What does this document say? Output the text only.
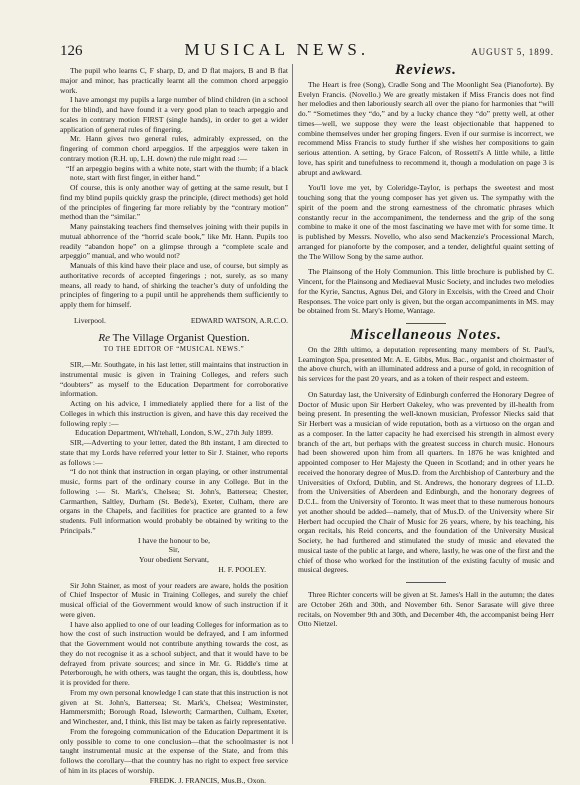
126	MUSICAL NEWS.	AUGUST 5, 1899.

The pupil who learns C, F sharp, D, and D flat majors, B and B flat major and minor, has practically learnt all the common chord arpeggio work.

I have amongst my pupils a large number of blind children (in a school for the blind), and have found it a very good plan to teach arpeggio and scales in contrary motion FIRST (single hands), in order to get a wider application of general rules of fingering.

Mr. Hann gives two general rules, admirably expressed, on the fingering of common chord arpeggios. If the arpeggios were taken in contrary motion (R.H. up, L.H. down) the rule might read :—

“If an arpeggio begins with a white note, start with the thumb; if a black note, start with first finger, in either hand.”

Of course, this is only another way of getting at the same result, but I find my blind pupils quickly grasp the principle, (direct methods) get hold of the principles of fingering far more reliably by the “contrary motion” method than the “similar.”

Many painstaking teachers find themselves joining with their pupils in mutual abhorrence of the “horrid scale book,” like Mr. Hann. Pupils too readily “abandon hope” on a glimpse through a “complete scale and arpeggio” manual, and who would not?

Manuals of this kind have their place and use, of course, but simply as authoritative records of accepted fingerings ; not, surely, as so many means, all ready to hand, of shirking the teacher’s duty of unfolding the principles of fingering to a pupil until he apprehends them sufficiently to apply them for himself.

Liverpool.	EDWARD WATSON, A.R.C.O.
Re The Village Organist Question.
TO THE EDITOR OF “MUSICAL NEWS.”

SIR,—Mr. Southgate, in his last letter, still maintains that instruction in instrumental music is given in Training Colleges, and refers such “doubters” as myself to the Education Department for corroborative information.

Acting on his advice, I immediately applied there for a list of the Colleges in which this instruction is given, and have this day received the following reply :—

Education Department, Wh'tehall, London, S.W., 27th July 1899.

SIR,—Adverting to your letter, dated the 8th instant, I am directed to state that my Lords have referred your letter to Sir J. Stainer, who reports as follows :—

“I do not think that instruction in organ playing, or other instrumental music, forms part of the ordinary course in any College. But in the following :— St. Mark's, Chelsea; St. John's, Battersea; Chester, Carmarthen, Saltley, Durham (St. Bede's), Exeter, Culham, there are organs in the Chapels, and facilities for practice are granted to a few students. Full information would probably be obtained by writing to the Principals.”

I have the honour to be,

Sir,

Your obedient Servant,

H. F. POOLEY.

Sir John Stainer, as most of your readers are aware, holds the position of Chief Inspector of Music in Training Colleges, and surely the chief musical official of the Government would know of such instruction if it were given.

I have also applied to one of our leading Colleges for information as to how the cost of such instruction would be defrayed, and I am informed that the Government would not contribute anything towards the cost, as they do not recognise it as a school subject, and that it would have to be defrayed from private sources; and since in Mr. G. Riddle's time at Peterborough, he with others, was taught the organ, this is, doubtless, how it is provided for there.

From my own personal knowledge I can state that this instruction is not given at St. John's, Battersea; St. Mark's, Chelsea; Westminster, Hammersmith; Borough Road, Isleworth; Carmarthen, Culham, Exeter, and Winchester, and, I think, this list may be taken as fairly representative.

From the foregoing communication of the Education Department it is only possible to come to one conclusion—that the schoolmaster is not taught instrumental music at the expense of the State, and from this follows the corollary—that the country has no right to expect free service of him in its places of worship.

FREDK. J. FRANCIS, Mus.B., Oxon.

Reviews.

The Heart is free (Song), Cradle Song and The Moonlight Sea (Pianoforte). By Evelyn Francis. (Novello.) We are greatly mistaken if Miss Francis does not find her melodies and then laboriously search all over the piano for harmonies that “will do.” “Sometimes they “do,” and by a lucky chance they “do” pretty well, at other times—well, we suppose they were the least objectionable that happened to combine themselves under her groping fingers. Even if our surmise is incorrect, we recommend Miss Francis to study further if she wishes her compositions to gain serious attention. A setting, by Grace Falcon, of Rossetti's A little while, a little love, has spirit and tunefulness to recommend it, though a modulation on page 3 is abrupt and awkward.

You'll love me yet, by Coleridge-Taylor, is perhaps the sweetest and most touching song that the young composer has yet given us. The sympathy with the spirit of the poem and the strong earnestness of the chromatic phrases which constantly recur in the accompaniment, the tenderness and the grip of the song combine to make it one of the most fascinating we have met with for some time. It is published by Messrs. Novello, who also send Mackenzie's Processional March, arranged for pianoforte by the composer, and a tender, delightful quaint setting of the The Willow Song by the same author.

The Plainsong of the Holy Communion. This little brochure is published by C. Vincent, for the Plainsong and Mediaeval Music Society, and includes two melodies for the Kyrie, Sanctus, Agnus Dei, and Glory in Excelsis, with the Creed and Choir Responses. The voice part only is given, but the organ accompaniments in MS. may be obtained from St. Mary's Home, Wantage.

Miscellaneous Notes.

On the 28th ultimo, a deputation representing many members of St. Paul's, Leamington Spa, presented Mr. A. E. Gibbs, Mus. Bac., organist and choirmaster of the above church, with an illuminated address and a purse of gold, in recognition of his services for the past 20 years, and as a token of their respect and esteem.

On Saturday last, the University of Edinburgh conferred the Honorary Degree of Doctor of Music upon Sir Herbert Oakeley, who was prevented by ill-health from being present. In presenting the well-known musician, Professor Niecks said that Sir Herbert was a musician of wide reputation, both as a virtuoso on the organ and as a composer. In the latter capacity he had exercised his strength in almost every branch of the art, but perhaps with the greatest success in church music. Honours had been showered upon him from all quarters. In 1876 he was knighted and appointed composer to Her Majesty the Queen in Scotland; and in other years he received the honorary degree of Mus.D. from the Archbishop of Canterbury and the Universities of Oxford, Dublin, and St. Andrews, the honorary degrees of LL.D. from the Universities of Aberdeen and Edinburgh, and the honorary degrees of D.C.L. from the University of Toronto. It was meet that to these numerous honours yet another should be added—namely, that of Mus.D. of the University where Sir Herbert had occupied the Chair of Music for 26 years, where, by his teaching, his organ recitals, his Reid concerts, and the foundation of the University Musical Society, he had furthered and stimulated the study of music and elevated the musical taste of the public at large, and where, lastly, he was one of the first and the chief of those who worked for the institution of the existing faculty of music and musical degrees.

Three Richter concerts will be given at St. James's Hall in the autumn; the dates are October 26th and 30th, and November 6th. Senor Sarasate will give three recitals, on November 9th and 30th, and December 4th, the accompanist being Herr Otto Nietzel.
